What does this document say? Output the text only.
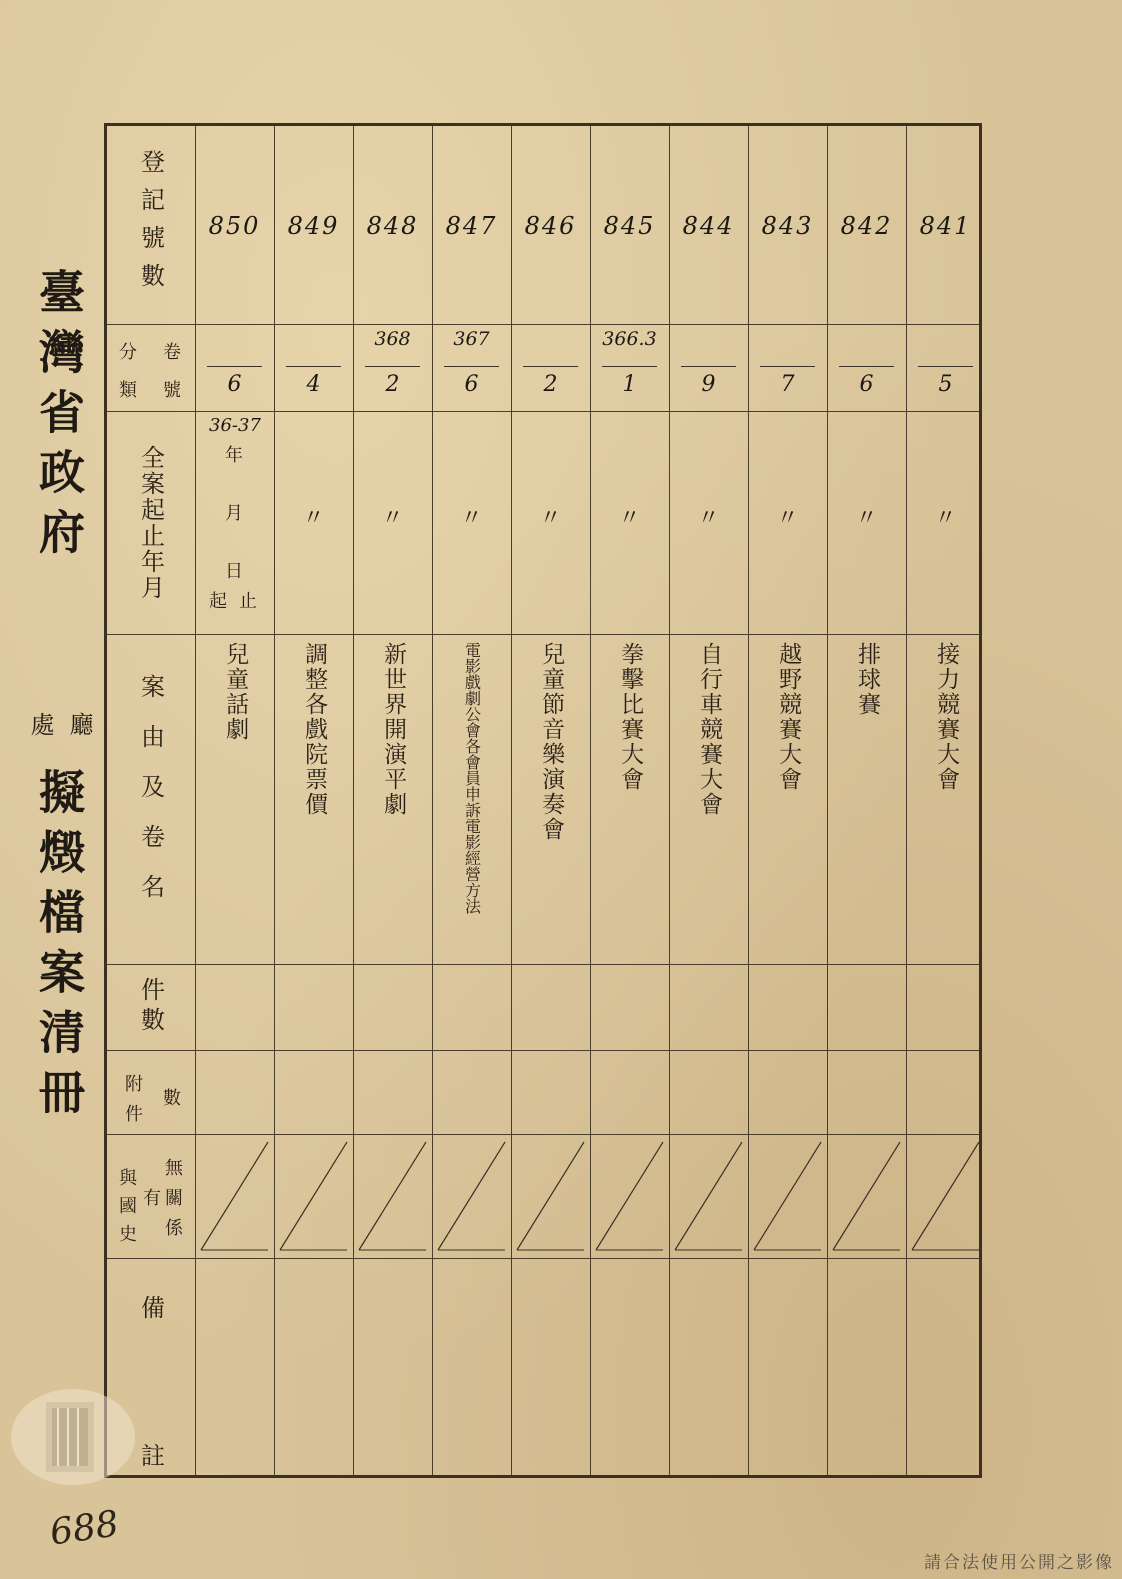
臺灣省政府
廳
處
擬燬檔案清冊
登記號數
分 卷
類 號
全案起止年月
案由及卷名
件數
附
件
數
無
關
係
有
與
國
史
備
註
850
6
兒童話劇
849
4
〃
調整各戲院票價
848
368
2
〃
新世界開演平劇
847
367
6
〃
電影戲劇公會各會員申訴電影經營方法
846
2
〃
兒童節音樂演奏會
845
366.3
1
〃
拳擊比賽大會
844
9
〃
自行車競賽大會
843
7
〃
越野競賽大會
842
6
〃
排球賽
841
5
〃
接力競賽大會
36-37
年
月
日
起 止
688
請合法使用公開之影像
